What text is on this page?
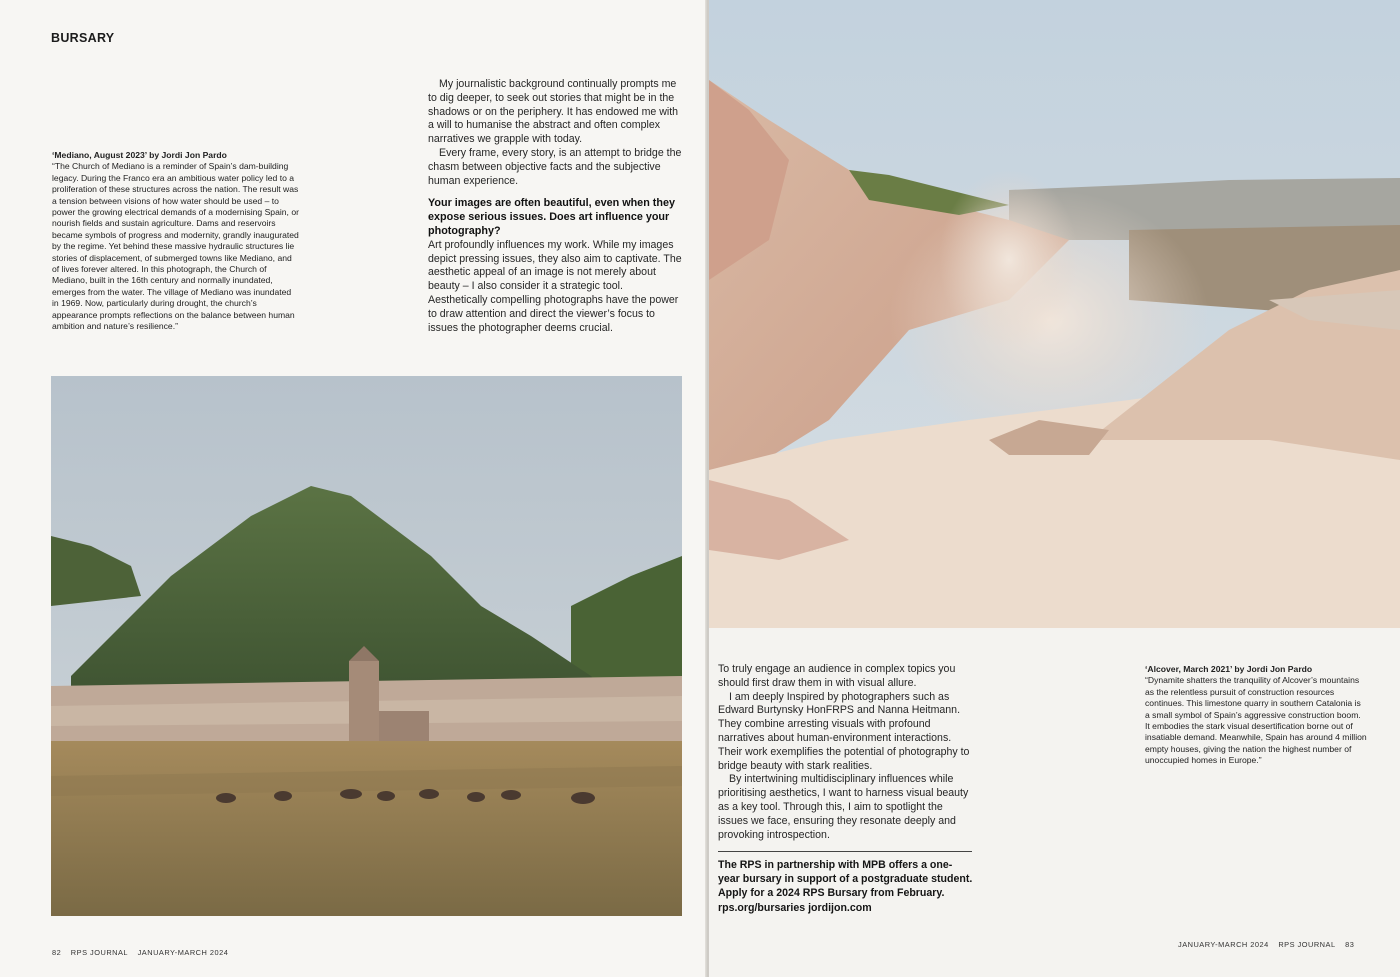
BURSARY
‘Mediano, August 2023’ by Jordi Jon Pardo
“The Church of Mediano is a reminder of Spain’s dam-building legacy. During the Franco era an ambitious water policy led to a proliferation of these structures across the nation. The result was a tension between visions of how water should be used – to power the growing electrical demands of a modernising Spain, or nourish fields and sustain agriculture. Dams and reservoirs became symbols of progress and modernity, grandly inaugurated by the regime. Yet behind these massive hydraulic structures lie stories of displacement, of submerged towns like Mediano, and of lives forever altered. In this photograph, the Church of Mediano, built in the 16th century and normally inundated, emerges from the water. The village of Mediano was inundated in 1969. Now, particularly during drought, the church’s appearance prompts reflections on the balance between human ambition and nature’s resilience.”

My journalistic background continually prompts me to dig deeper, to seek out stories that might be in the shadows or on the periphery. It has endowed me with a will to humanise the abstract and often complex narratives we grapple with today.

Every frame, every story, is an attempt to bridge the chasm between objective facts and the subjective human experience.

Your images are often beautiful, even when they expose serious issues. Does art influence your photography?

Art profoundly influences my work. While my images depict pressing issues, they also aim to captivate. The aesthetic appeal of an image is not merely about beauty – I also consider it a strategic tool. Aesthetically compelling photographs have the power to draw attention and direct the viewer’s focus to issues the photographer deems crucial.

82 RPS JOURNAL JANUARY-MARCH 2024

To truly engage an audience in complex topics you should first draw them in with visual allure.

I am deeply Inspired by photographers such as Edward Burtynsky HonFRPS and Nanna Heitmann. They combine arresting visuals with profound narratives about human-environment interactions. Their work exemplifies the potential of photography to bridge beauty with stark realities.

By intertwining multidisciplinary influences while prioritising aesthetics, I want to harness visual beauty as a key tool. Through this, I aim to spotlight the issues we face, ensuring they resonate deeply and provoking introspection.

The RPS in partnership with MPB offers a one-year bursary in support of a postgraduate student. Apply for a 2024 RPS Bursary from February. rps.org/bursaries jordijon.com
‘Alcover, March 2021’ by Jordi Jon Pardo
“Dynamite shatters the tranquility of Alcover’s mountains as the relentless pursuit of construction resources continues. This limestone quarry in southern Catalonia is a small symbol of Spain’s aggressive construction boom. It embodies the stark visual desertification borne out of insatiable demand. Meanwhile, Spain has around 4 million empty houses, giving the nation the highest number of unoccupied homes in Europe.”
JANUARY-MARCH 2024 RPS JOURNAL 83
